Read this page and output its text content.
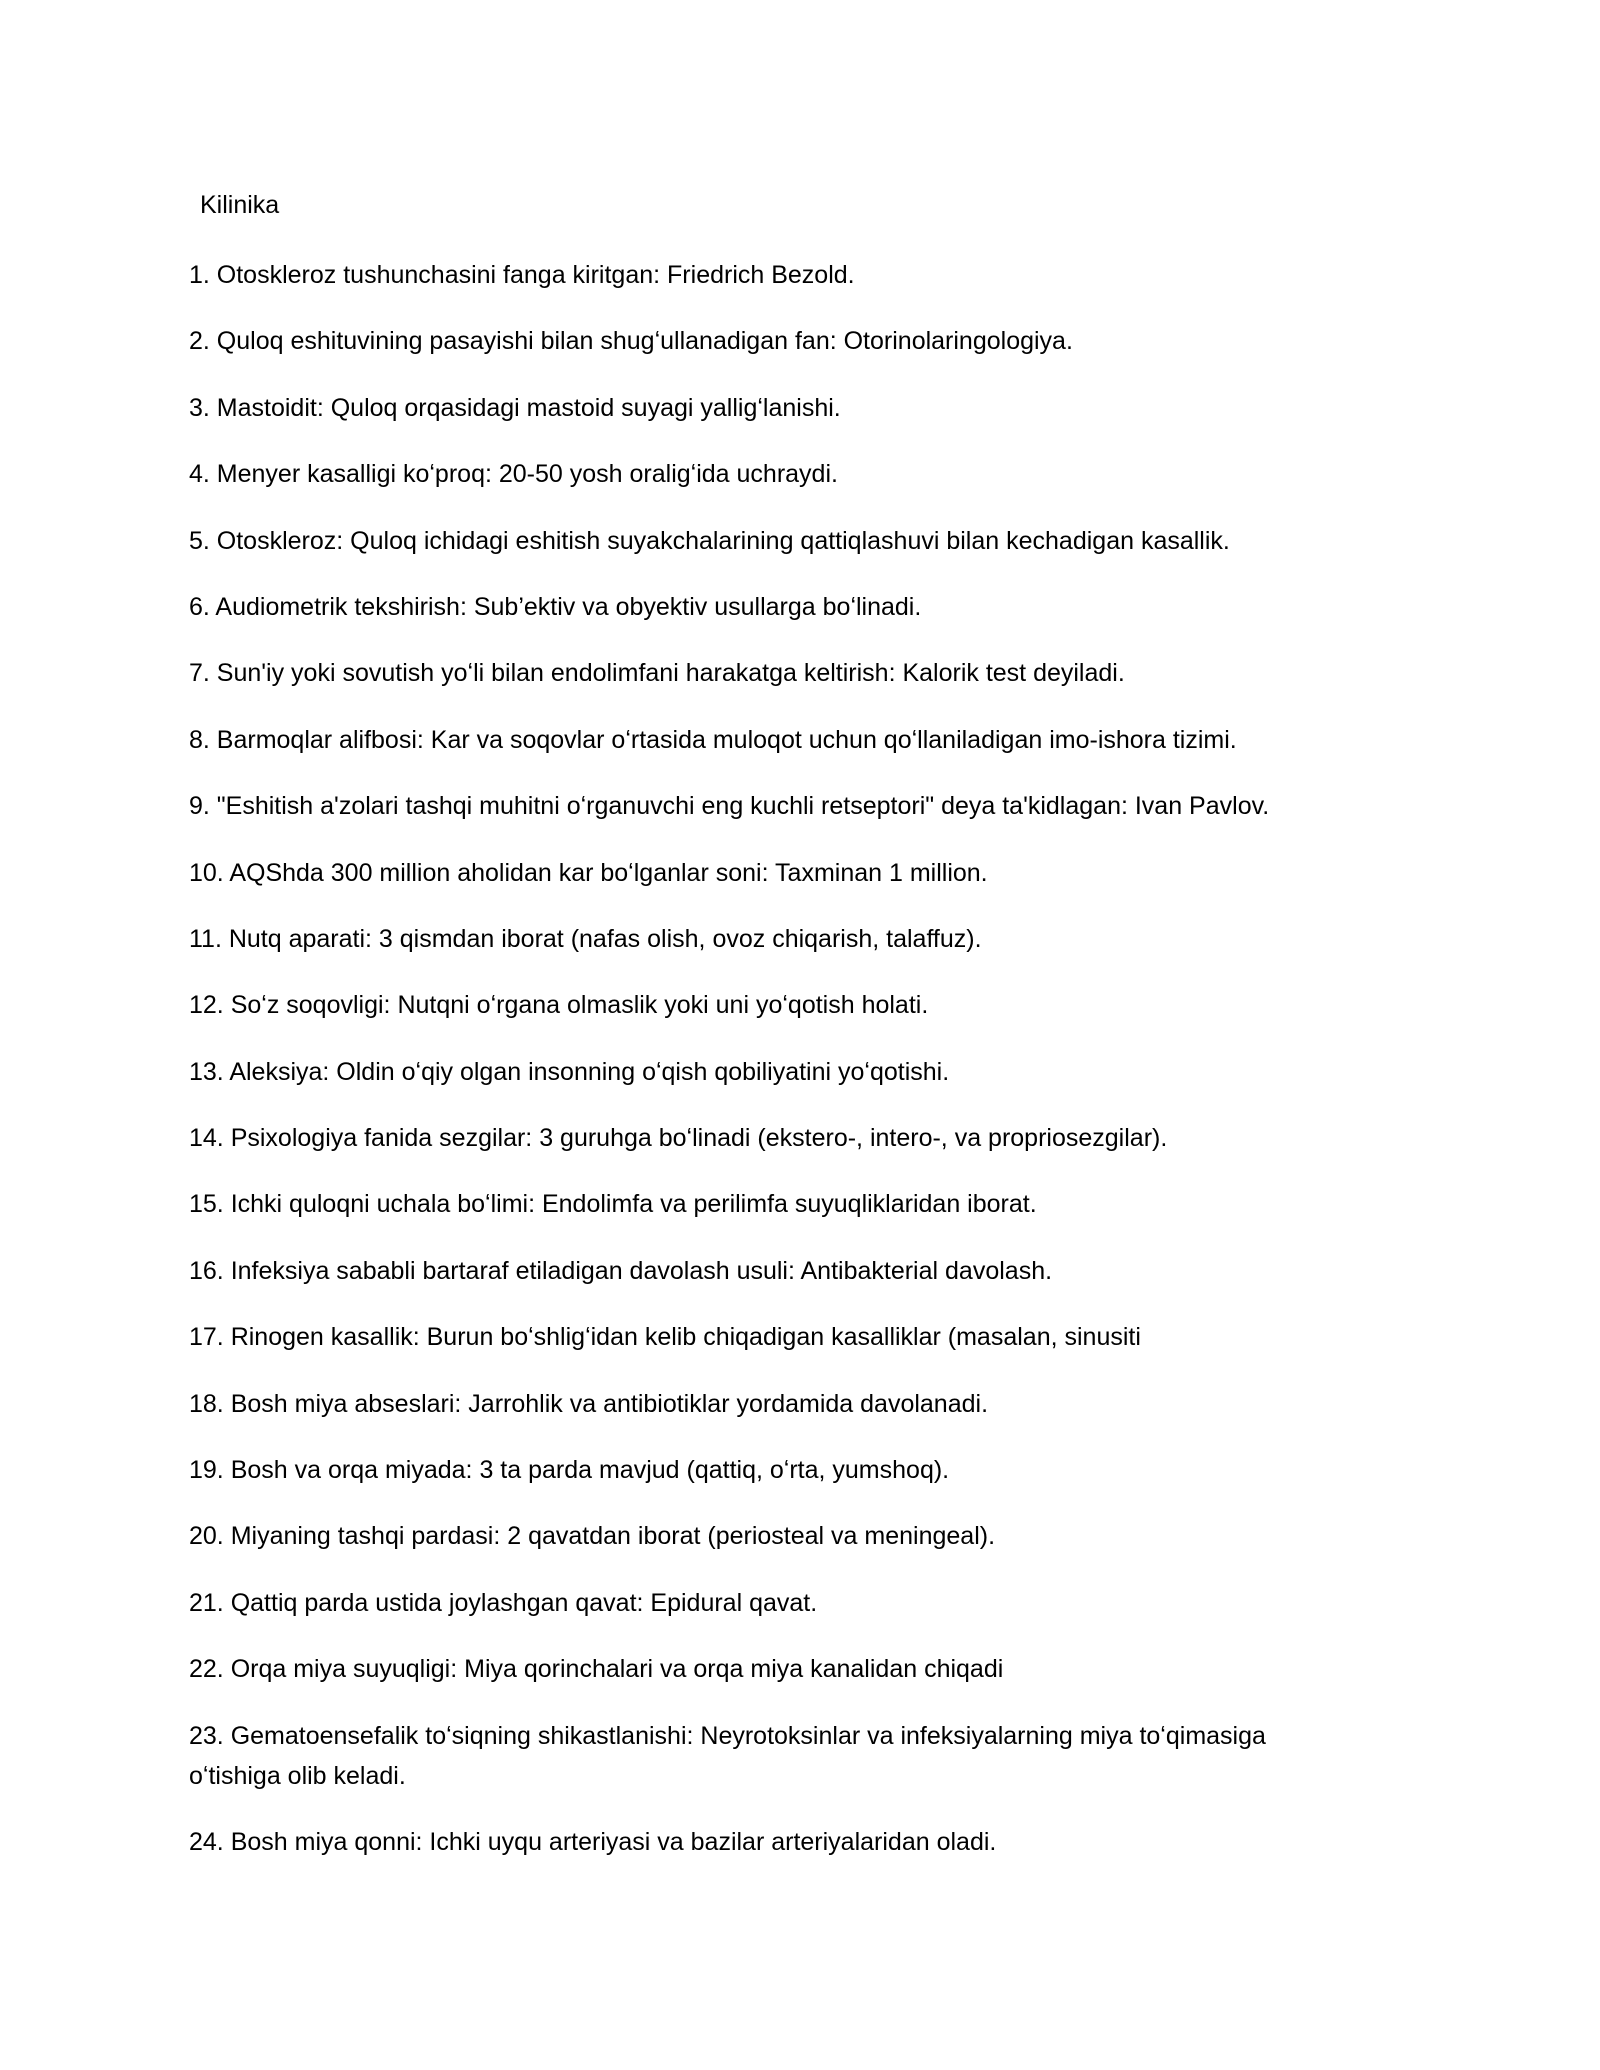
Kilinika
1. Otoskleroz tushunchasini fanga kiritgan: Friedrich Bezold.
2. Quloq eshituvining pasayishi bilan shugʻullanadigan fan: Otorinolaringologiya.
3. Mastoidit: Quloq orqasidagi mastoid suyagi yalligʻlanishi.
4. Menyer kasalligi koʻproq: 20-50 yosh oraligʻida uchraydi.
5. Otoskleroz: Quloq ichidagi eshitish suyakchalarining qattiqlashuvi bilan kechadigan kasallik.
6. Audiometrik tekshirish: Sub’ektiv va obyektiv usullarga boʻlinadi.
7. Sun'iy yoki sovutish yoʻli bilan endolimfani harakatga keltirish: Kalorik test deyiladi.
8. Barmoqlar alifbosi: Kar va soqovlar oʻrtasida muloqot uchun qoʻllaniladigan imo-ishora tizimi.
9. "Eshitish a'zolari tashqi muhitni oʻrganuvchi eng kuchli retseptori" deya ta'kidlagan: Ivan Pavlov.
10. AQShda 300 million aholidan kar boʻlganlar soni: Taxminan 1 million.
11. Nutq aparati: 3 qismdan iborat (nafas olish, ovoz chiqarish, talaffuz).
12. Soʻz soqovligi: Nutqni oʻrgana olmaslik yoki uni yoʻqotish holati.
13. Aleksiya: Oldin oʻqiy olgan insonning oʻqish qobiliyatini yoʻqotishi.
14. Psixologiya fanida sezgilar: 3 guruhga boʻlinadi (ekstero-, intero-, va propriosezgilar).
15. Ichki quloqni uchala boʻlimi: Endolimfa va perilimfa suyuqliklaridan iborat.
16. Infeksiya sababli bartaraf etiladigan davolash usuli: Antibakterial davolash.
17. Rinogen kasallik: Burun boʻshligʻidan kelib chiqadigan kasalliklar (masalan, sinusiti
18. Bosh miya abseslari: Jarrohlik va antibiotiklar yordamida davolanadi.
19. Bosh va orqa miyada: 3 ta parda mavjud (qattiq, oʻrta, yumshoq).
20. Miyaning tashqi pardasi: 2 qavatdan iborat (periosteal va meningeal).
21. Qattiq parda ustida joylashgan qavat: Epidural qavat.
22. Orqa miya suyuqligi: Miya qorinchalari va orqa miya kanalidan chiqadi
23. Gematoensefalik toʻsiqning shikastlanishi: Neyrotoksinlar va infeksiyalarning miya toʻqimasiga oʻtishiga olib keladi.
24. Bosh miya qonni: Ichki uyqu arteriyasi va bazilar arteriyalaridan oladi.
